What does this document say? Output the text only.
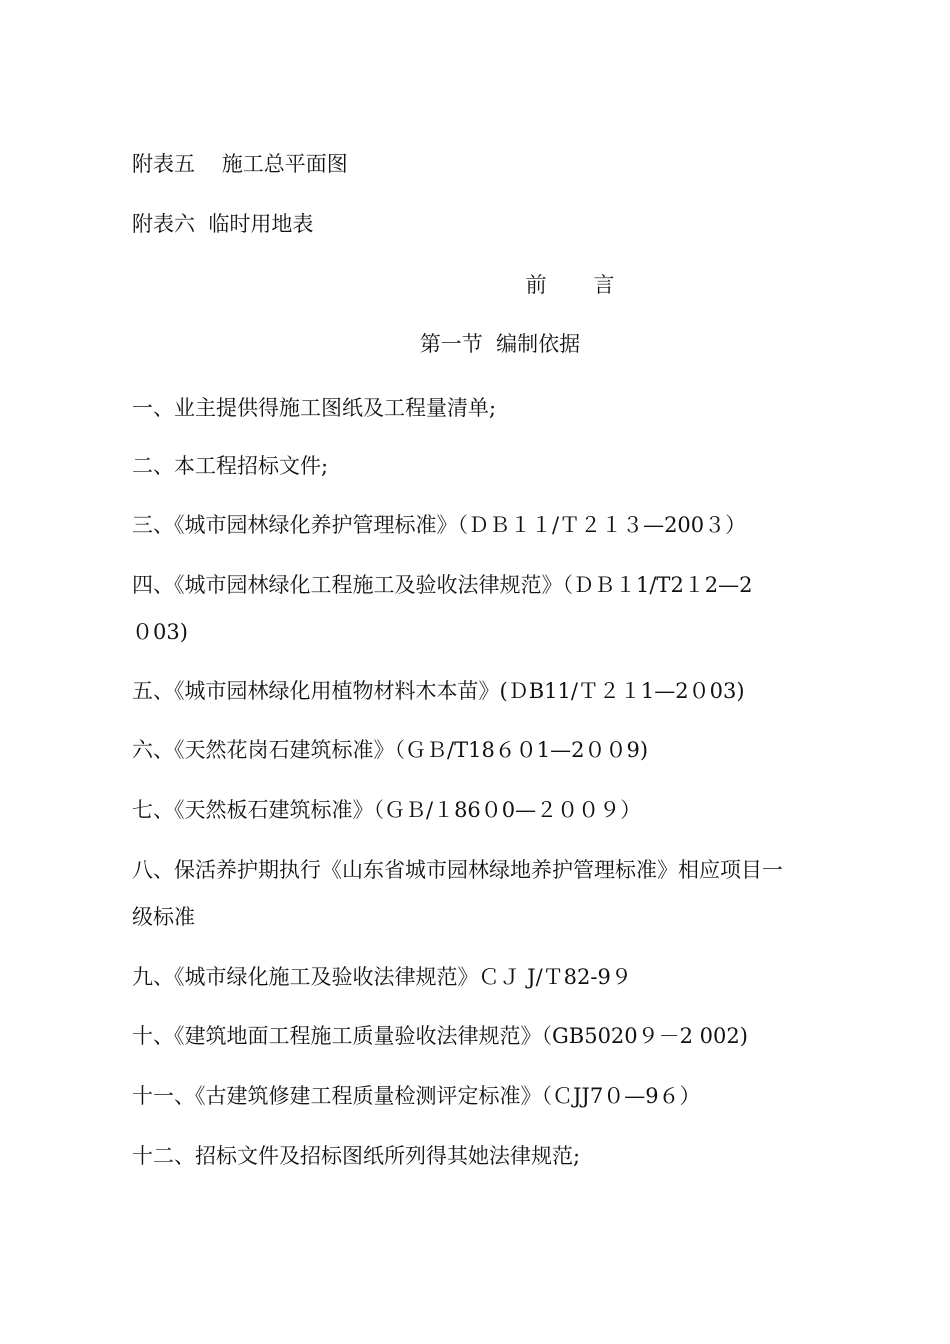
附表五    施工总平面图
附表六  临时用地表
前       言
第一节  编制依据
一、业主提供得施工图纸及工程量清单;
二、本工程招标文件;
三、《城市园林绿化养护管理标准》（ＤＢ１１/Ｔ２１３—200３）
四、《城市园林绿化工程施工及验收法律规范》（ＤＢ１1/T2１2—2
０03)
五、《城市园林绿化用植物材料木本苗》(ＤB11/Ｔ２１1—2０03)
六、《天然花岗石建筑标准》（ＧＢ/T18６０1—2００9)
七、《天然板石建筑标准》（ＧＢ/１86０0—２００９）
八、保活养护期执行《山东省城市园林绿地养护管理标准》相应项目一
级标准
九、《城市绿化施工及验收法律规范》ＣＪ J/Ｔ82-9９
十、《建筑地面工程施工质量验收法律规范》（GB5020９－2 002)
十一、《古建筑修建工程质量检测评定标准》（ＣJJ7０—9６）
十二、招标文件及招标图纸所列得其她法律规范;
